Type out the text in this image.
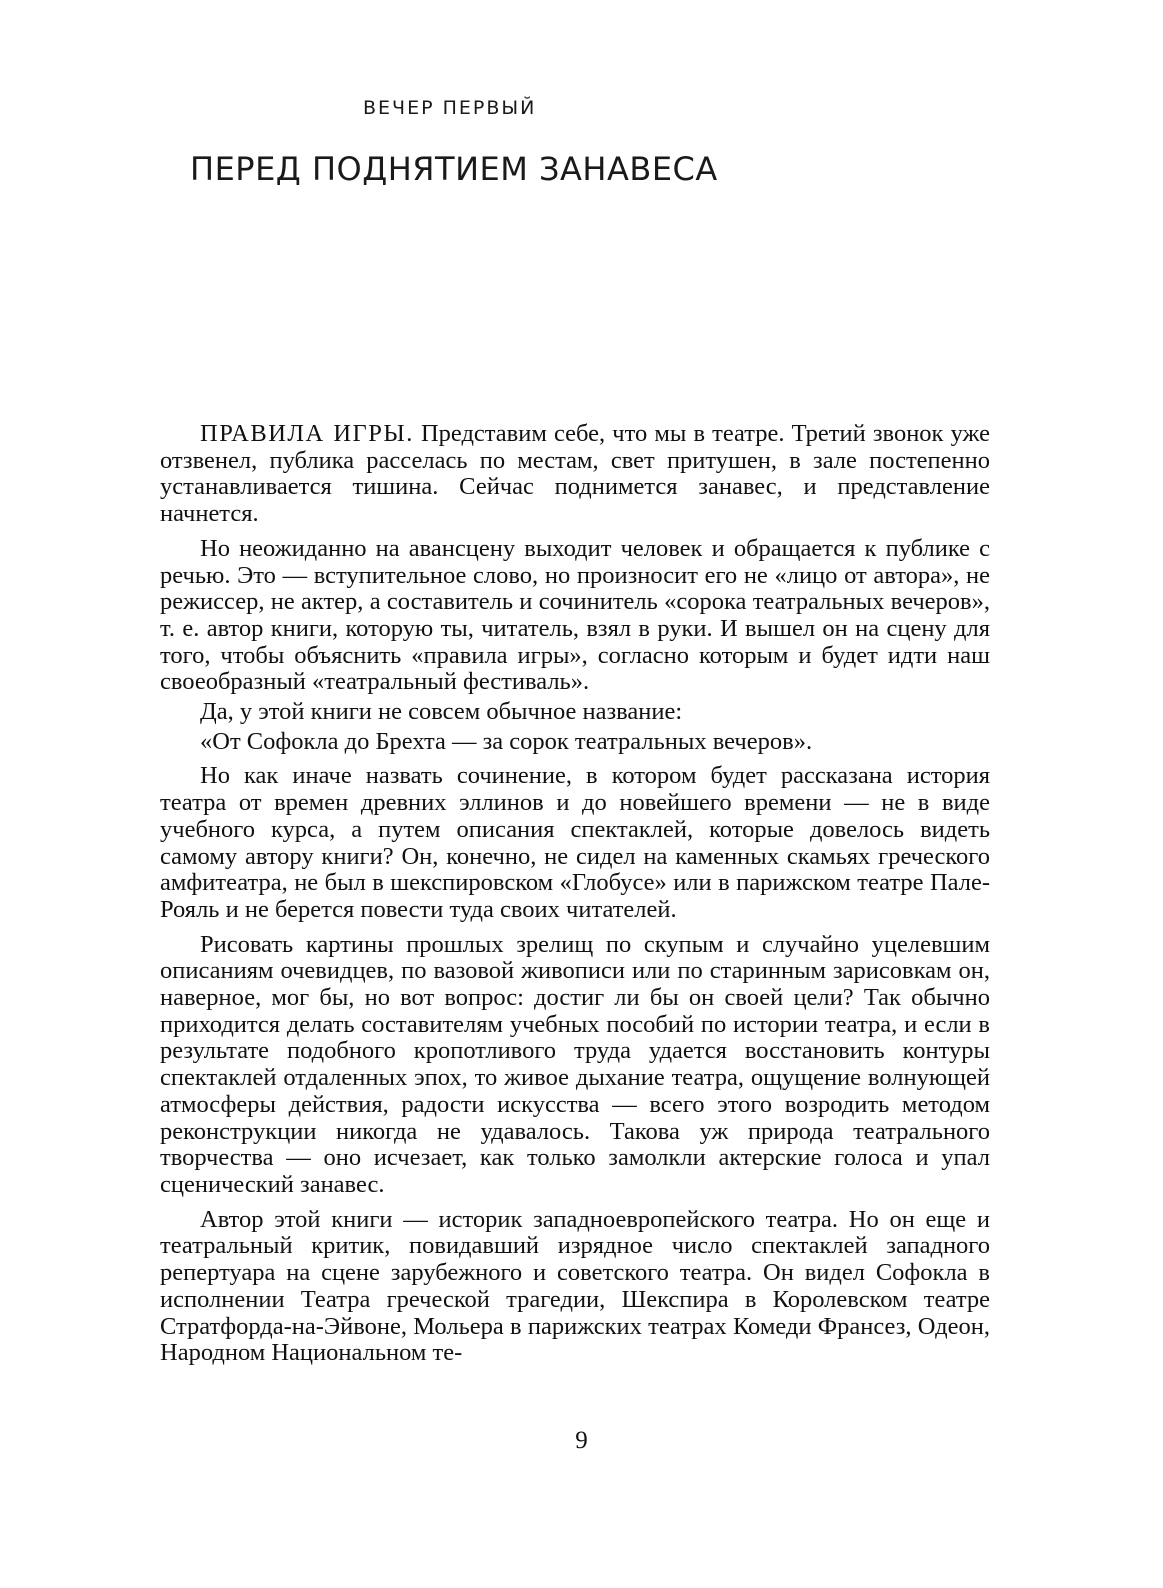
ВЕЧЕР ПЕРВЫЙ
ПЕРЕД ПОДНЯТИЕМ ЗАНАВЕСА

ПРАВИЛА ИГРЫ. Представим себе, что мы в театре. Третий звонок уже отзвенел, публика расселась по местам, свет притушен, в зале постепенно устанавливается тишина. Сейчас поднимется занавес, и представление начнется.

Но неожиданно на авансцену выходит человек и обращается к публике с речью. Это — вступительное слово, но произносит его не «лицо от автора», не режиссер, не актер, а составитель и сочинитель «сорока театральных вечеров», т. е. автор книги, которую ты, читатель, взял в руки. И вышел он на сцену для того, чтобы объяснить «правила игры», согласно которым и будет идти наш своеобразный «театральный фестиваль».

Да, у этой книги не совсем обычное название:

«От Софокла до Брехта — за сорок театральных вечеров».

Но как иначе назвать сочинение, в котором будет рассказана история театра от времен древних эллинов и до новейшего времени — не в виде учебного курса, а путем описания спектаклей, которые довелось видеть самому автору книги? Он, конечно, не сидел на каменных скамьях греческого амфитеатра, не был в шекспировском «Глобусе» или в парижском театре Пале-Рояль и не берется повести туда своих читателей.

Рисовать картины прошлых зрелищ по скупым и случайно уцелевшим описаниям очевидцев, по вазовой живописи или по старинным зарисовкам он, наверное, мог бы, но вот вопрос: достиг ли бы он своей цели? Так обычно приходится делать составителям учебных пособий по истории театра, и если в результате подобного кропотливого труда удается восстановить контуры спектаклей отдаленных эпох, то живое дыхание театра, ощущение волнующей атмосферы действия, радости искусства — всего этого возродить методом реконструкции никогда не удавалось. Такова уж природа театрального творчества — оно исчезает, как только замолкли актерские голоса и упал сценический занавес.

Автор этой книги — историк западноевропейского театра. Но он еще и театральный критик, повидавший изрядное число спектаклей западного репертуара на сцене зарубежного и советского театра. Он видел Софокла в исполнении Театра греческой трагедии, Шекспира в Королевском театре Стратфорда-на-Эйвоне, Мольера в парижских театрах Комеди Франсез, Одеон, Народном Национальном те-

9
